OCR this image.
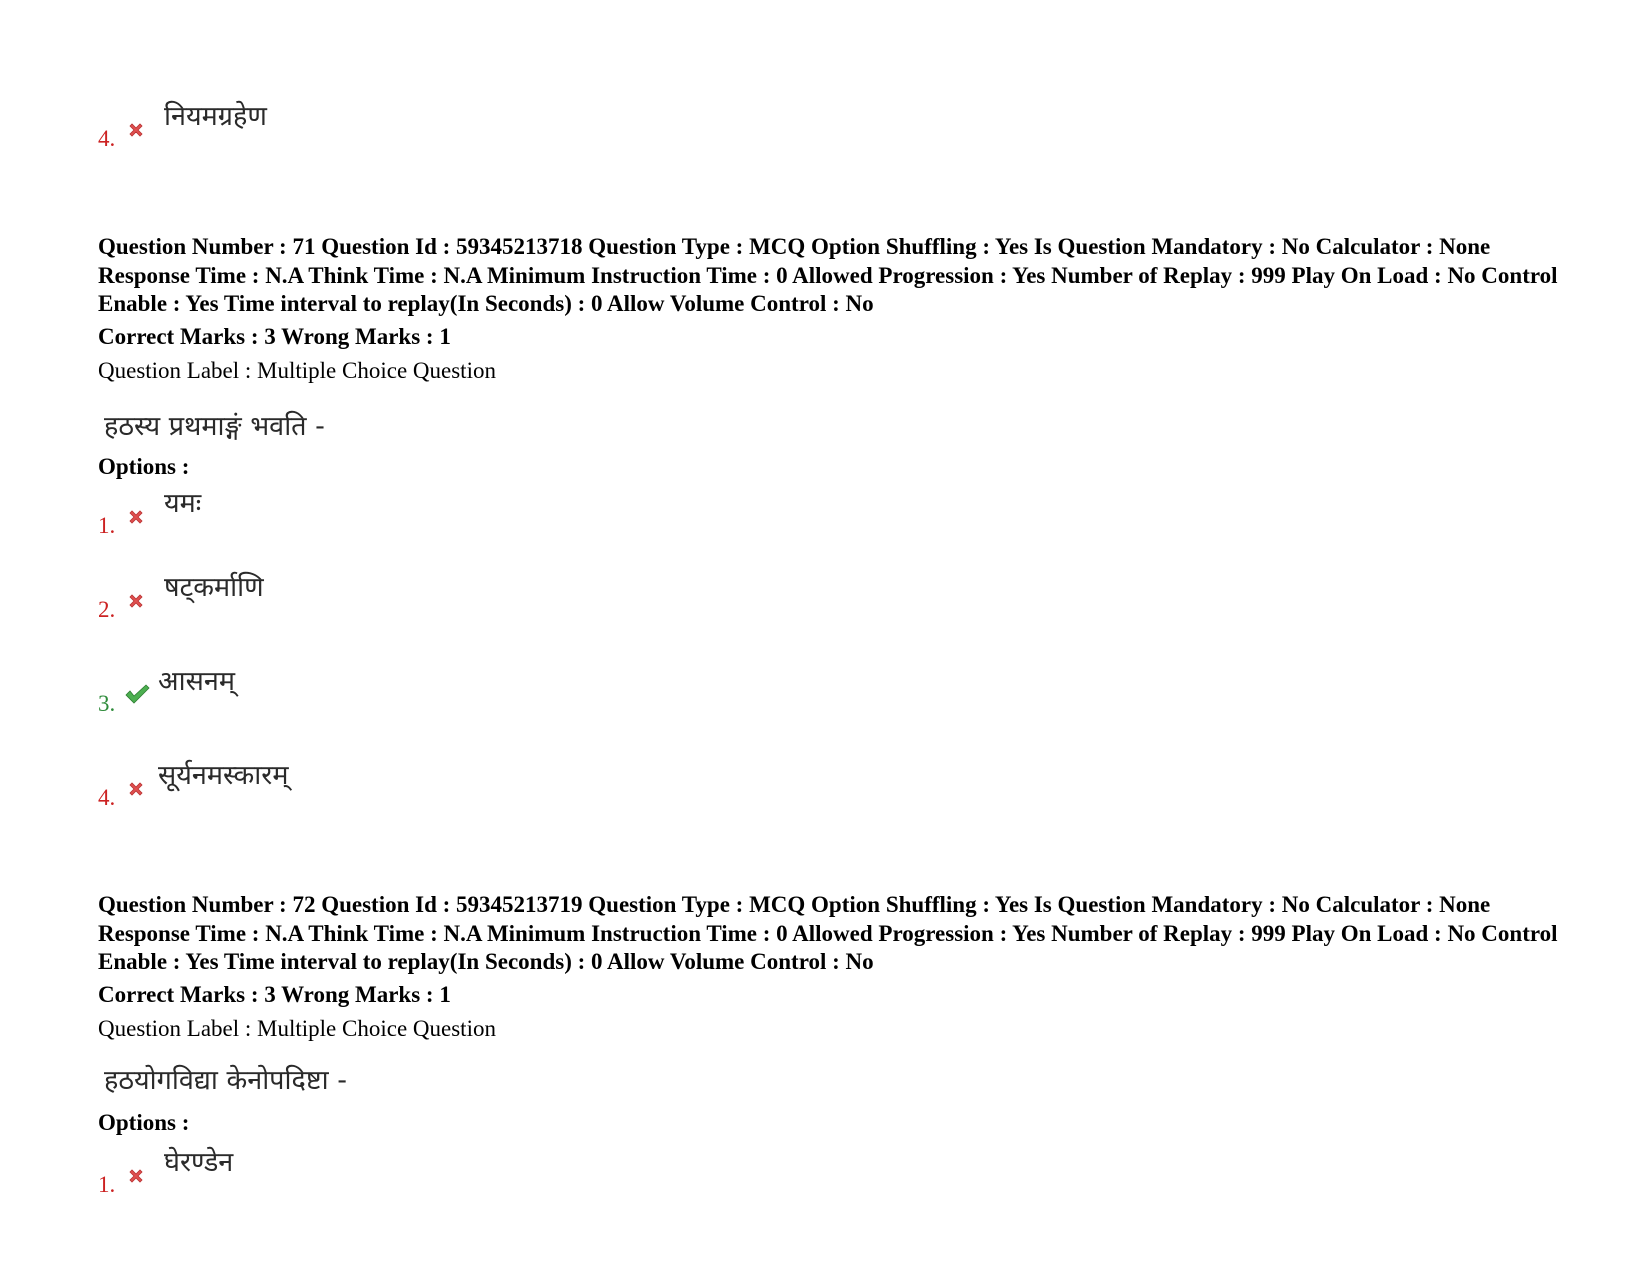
4.
नियमग्रहेण
Question Number : 71 Question Id : 59345213718 Question Type : MCQ Option Shuffling : Yes Is Question Mandatory : No Calculator : None Response Time : N.A Think Time : N.A Minimum Instruction Time : 0 Allowed Progression : Yes Number of Replay : 999 Play On Load : No Control Enable : Yes Time interval to replay(In Seconds) : 0 Allow Volume Control : No
Correct Marks : 3 Wrong Marks : 1
Question Label : Multiple Choice Question
हठस्य प्रथमाङ्गं भवति -
Options :
1.
यमः
2.
षट्कर्माणि
3.
आसनम्
4.
सूर्यनमस्कारम्
Question Number : 72 Question Id : 59345213719 Question Type : MCQ Option Shuffling : Yes Is Question Mandatory : No Calculator : None Response Time : N.A Think Time : N.A Minimum Instruction Time : 0 Allowed Progression : Yes Number of Replay : 999 Play On Load : No Control Enable : Yes Time interval to replay(In Seconds) : 0 Allow Volume Control : No
Correct Marks : 3 Wrong Marks : 1
Question Label : Multiple Choice Question
हठयोगविद्या केनोपदिष्टा -
Options :
1.
घेरण्डेन
